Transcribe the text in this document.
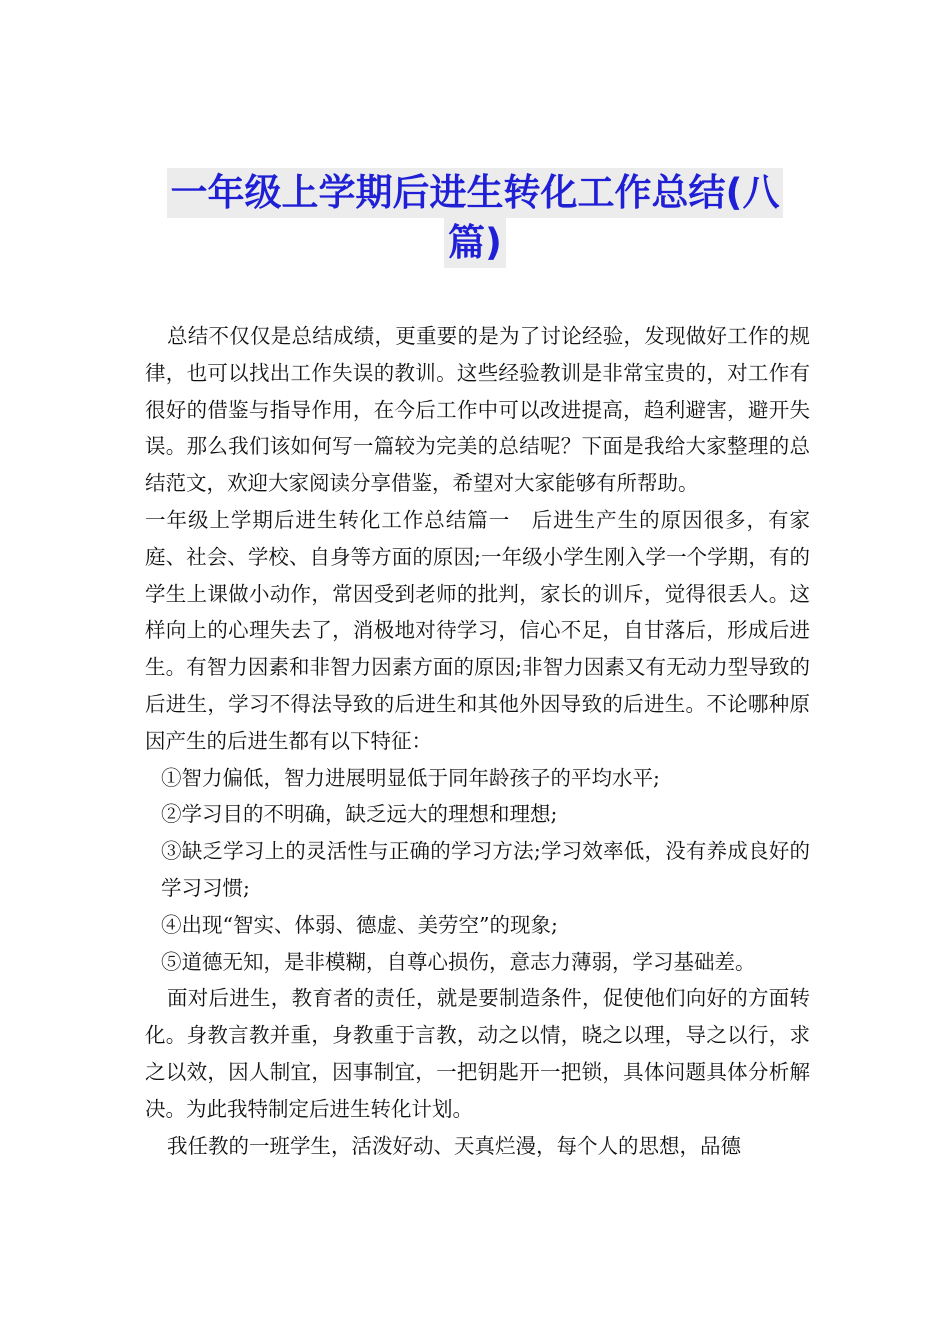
一年级上学期后进生转化工作总结(八
篇)

总结不仅仅是总结成绩，更重要的是为了讨论经验，发现做好工作的规律，也可以找出工作失误的教训。这些经验教训是非常宝贵的，对工作有很好的借鉴与指导作用，在今后工作中可以改进提高，趋利避害，避开失误。那么我们该如何写一篇较为完美的总结呢？下面是我给大家整理的总结范文，欢迎大家阅读分享借鉴，希望对大家能够有所帮助。

一年级上学期后进生转化工作总结篇一　后进生产生的原因很多，有家庭、社会、学校、自身等方面的原因;一年级小学生刚入学一个学期，有的学生上课做小动作，常因受到老师的批判，家长的训斥，觉得很丢人。这样向上的心理失去了，消极地对待学习，信心不足，自甘落后，形成后进生。有智力因素和非智力因素方面的原因;非智力因素又有无动力型导致的后进生，学习不得法导致的后进生和其他外因导致的后进生。不论哪种原因产生的后进生都有以下特征：

①智力偏低，智力进展明显低于同年龄孩子的平均水平;

②学习目的不明确，缺乏远大的理想和理想;

③缺乏学习上的灵活性与正确的学习方法;学习效率低，没有养成良好的学习习惯;

④出现“智实、体弱、德虚、美劳空”的现象;

⑤道德无知，是非模糊，自尊心损伤，意志力薄弱，学习基础差。

面对后进生，教育者的责任，就是要制造条件，促使他们向好的方面转化。身教言教并重，身教重于言教，动之以情，晓之以理，导之以行，求之以效，因人制宜，因事制宜，一把钥匙开一把锁，具体问题具体分析解决。为此我特制定后进生转化计划。

我任教的一班学生，活泼好动、天真烂漫，每个人的思想，品德
